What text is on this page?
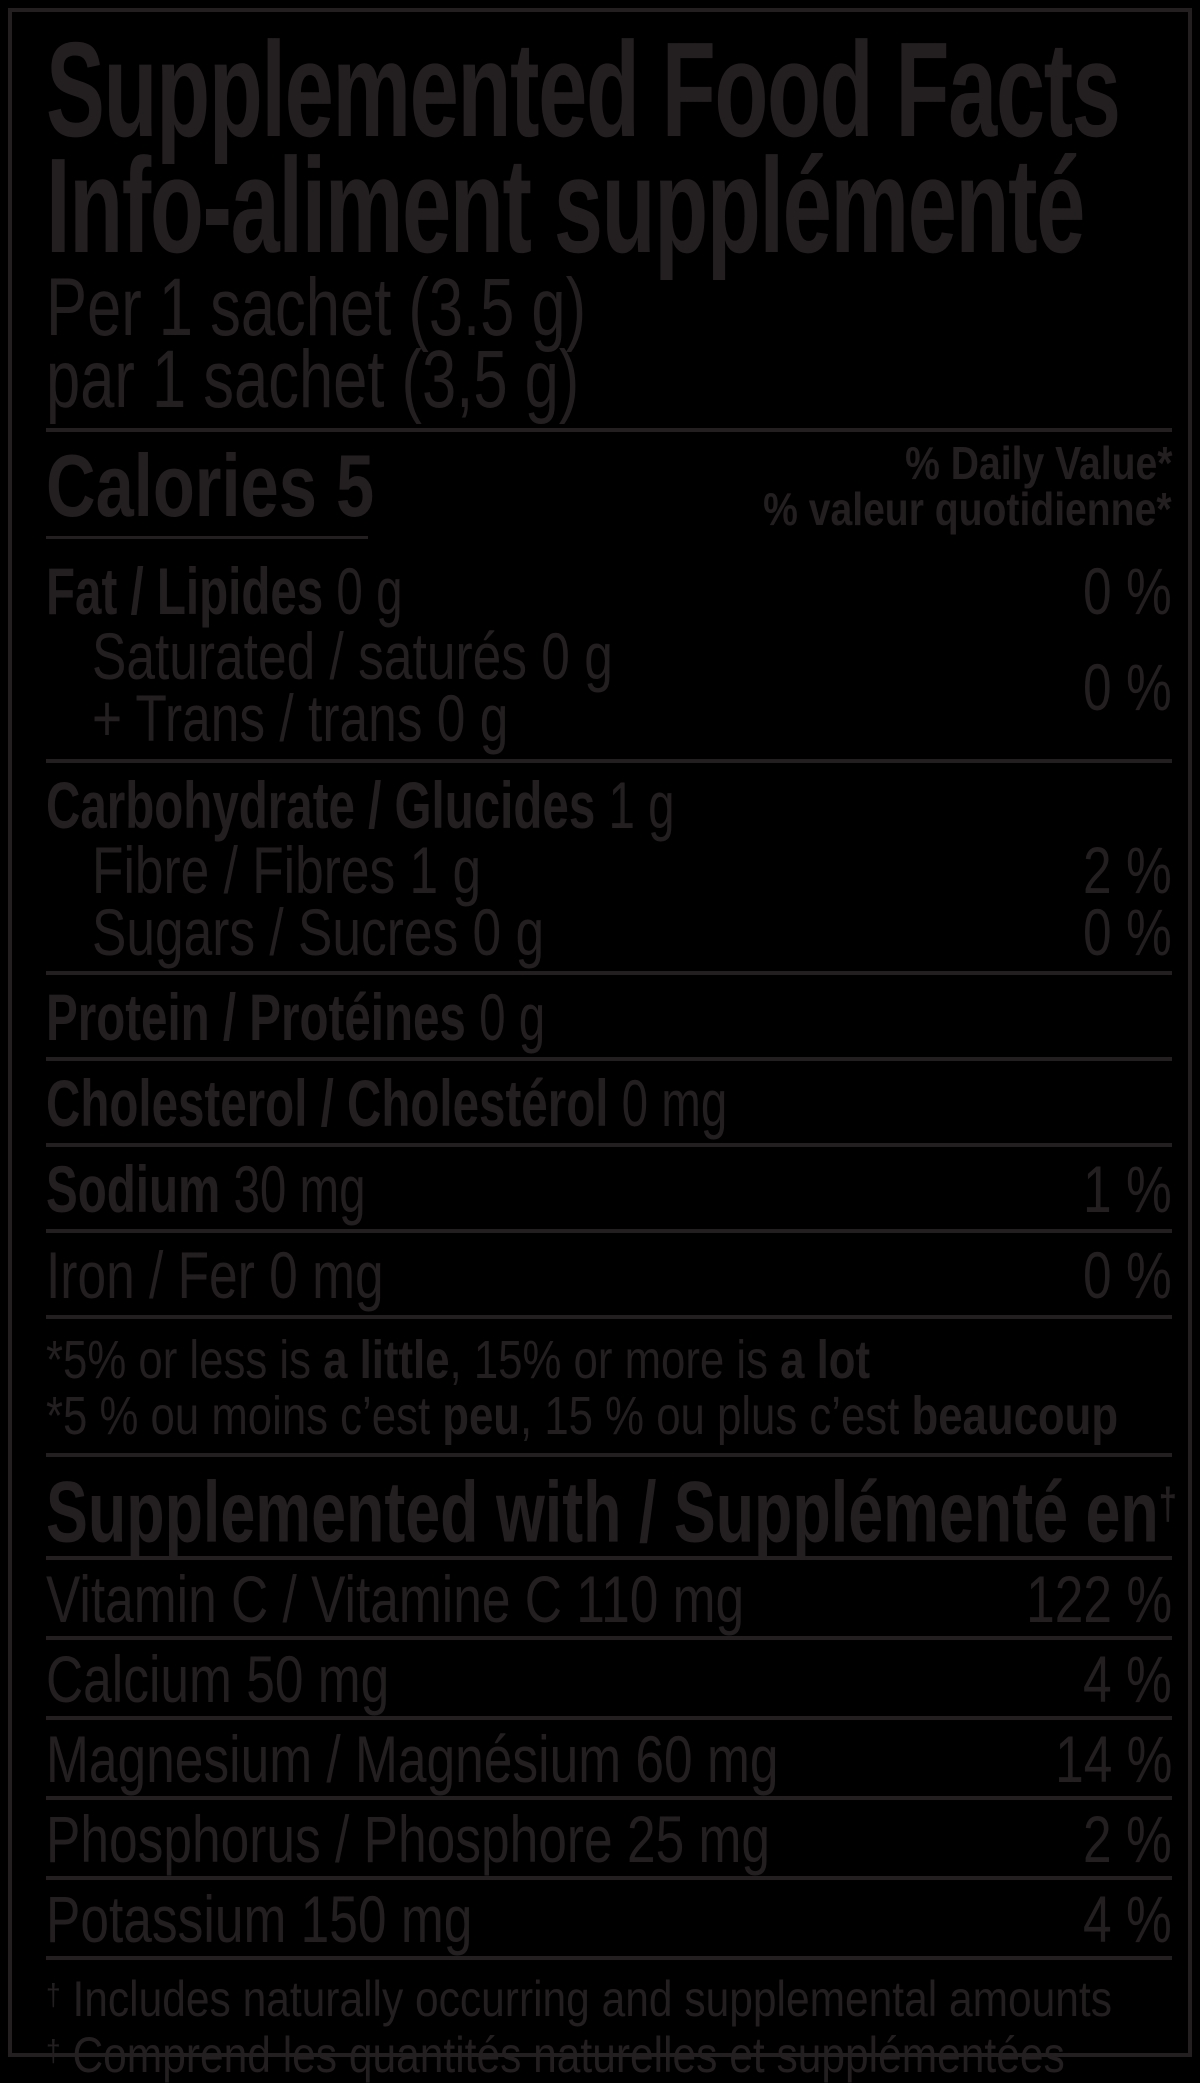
Supplemented Food Facts
Info-aliment supplémenté
Per 1 sachet (3.5 g)
par 1 sachet (3,5 g)
Calories 5	% Daily Value*
% valeur quotidienne*
Fat / Lipides 0 g	0 %
Saturated / saturés 0 g
+ Trans / trans 0 g	0 %
Carbohydrate / Glucides 1 g
Fibre / Fibres 1 g	2 %
Sugars / Sucres 0 g	0 %
Protein / Protéines 0 g
Cholesterol / Cholestérol 0 mg
Sodium 30 mg	1 %
Iron / Fer 0 mg	0 %
*5% or less is a little, 15% or more is a lot
*5 % ou moins c’est peu, 15 % ou plus c’est beaucoup
Supplemented with / Supplémenté en†
Vitamin C / Vitamine C 110 mg	122 %
Calcium 50 mg	4 %
Magnesium / Magnésium 60 mg	14 %
Phosphorus / Phosphore 25 mg	2 %
Potassium 150 mg	4 %
† Includes naturally occurring and supplemental amounts
† Comprend les quantités naturelles et supplémentées
